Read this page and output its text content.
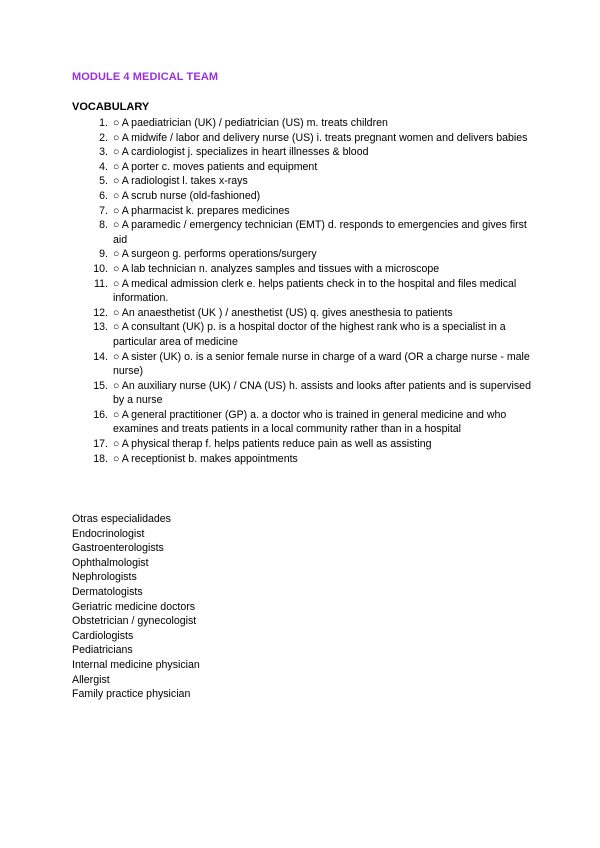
MODULE 4 MEDICAL TEAM
VOCABULARY
1. ○ A paediatrician (UK) / pediatrician (US) m. treats children
2. ○ A midwife / labor and delivery nurse (US) i. treats pregnant women and delivers babies
3. ○ A cardiologist j. specializes in heart illnesses & blood
4. ○ A porter c. moves patients and equipment
5. ○ A radiologist l. takes x-rays
6. ○ A scrub nurse (old-fashioned)
7. ○ A pharmacist k. prepares medicines
8. ○ A paramedic / emergency technician (EMT) d. responds to emergencies and gives first aid
9. ○ A surgeon g. performs operations/surgery
10. ○ A lab technician n. analyzes samples and tissues with a microscope
11. ○ A medical admission clerk e. helps patients check in to the hospital and files medical information.
12. ○ An anaesthetist (UK ) / anesthetist (US) q. gives anesthesia to patients
13. ○ A consultant (UK) p. is a hospital doctor of the highest rank who is a specialist in a particular area of medicine
14. ○ A sister (UK) o. is a senior female nurse in charge of a ward (OR a charge nurse - male nurse)
15. ○ An auxiliary nurse (UK) / CNA (US) h. assists and looks after patients and is supervised by a nurse
16. ○ A general practitioner (GP) a. a doctor who is trained in general medicine and who examines and treats patients in a local community rather than in a hospital
17. ○ A physical therap f. helps patients reduce pain as well as assisting
18. ○ A receptionist b. makes appointments
Otras especialidades
Endocrinologist
Gastroenterologists
Ophthalmologist
Nephrologists
Dermatologists
Geriatric medicine doctors
Obstetrician / gynecologist
Cardiologists
Pediatricians
Internal medicine physician
Allergist
Family practice physician
